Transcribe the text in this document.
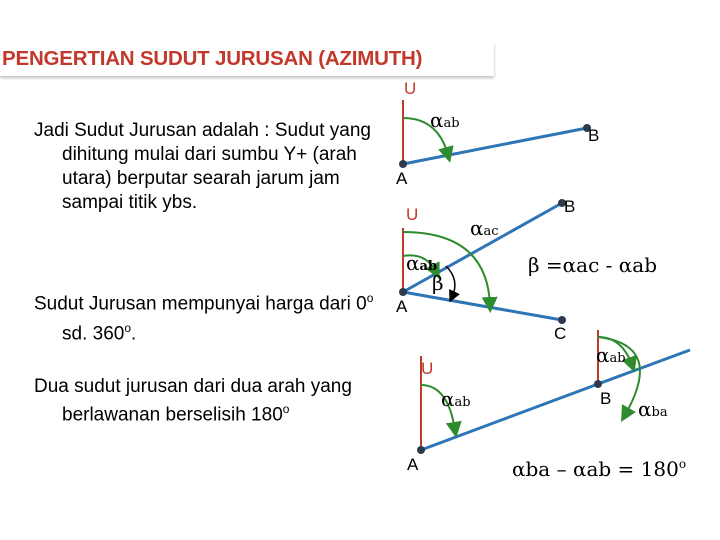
PENGERTIAN SUDUT JURUSAN (AZIMUTH)
Jadi Sudut Jurusan adalah : Sudut yang dihitung mulai dari sumbu Y+ (arah utara) berputar searah jarum jam sampai titik ybs.
Sudut Jurusan mempunyai harga dari 0$^o$ sd. 360$^o$.
Dua sudut jurusan dari dua arah yang berlawanan berselisih 180$^o$
U
αab
A
B
U
αac
αab
β
β =αac - αab
A
B
C
U
αab
αab
αba
A
B
$\alpha ba - \alpha ab = 180^o$
